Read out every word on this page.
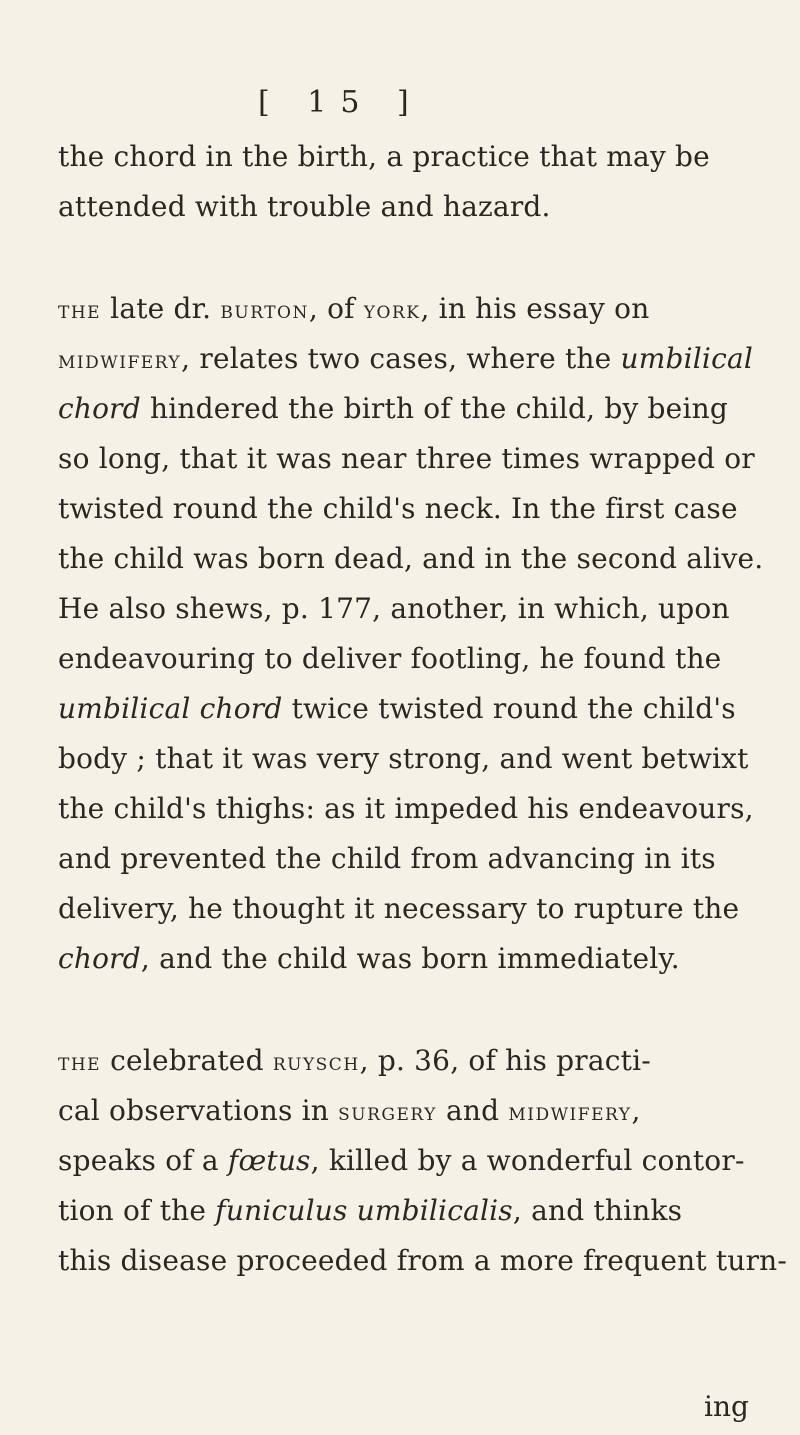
[ 15 ]
the chord in the birth, a practice that may be
attended with trouble and hazard.
the late dr. burton, of york, in his essay on
midwifery, relates two cases, where the umbilical
chord hindered the birth of the child, by being
so long, that it was near three times wrapped or
twisted round the child's neck. In the first case
the child was born dead, and in the second alive.
He also shews, p. 177, another, in which, upon
endeavouring to deliver footling, he found the
umbilical chord twice twisted round the child's
body ; that it was very strong, and went betwixt
the child's thighs: as it impeded his endeavours,
and prevented the child from advancing in its
delivery, he thought it necessary to rupture the
chord, and the child was born immediately.
the celebrated ruysch, p. 36, of his practi-
cal observations in surgery and midwifery,
speaks of a fœtus, killed by a wonderful contor-
tion of the funiculus umbilicalis, and thinks
this disease proceeded from a more frequent turn-
ing
